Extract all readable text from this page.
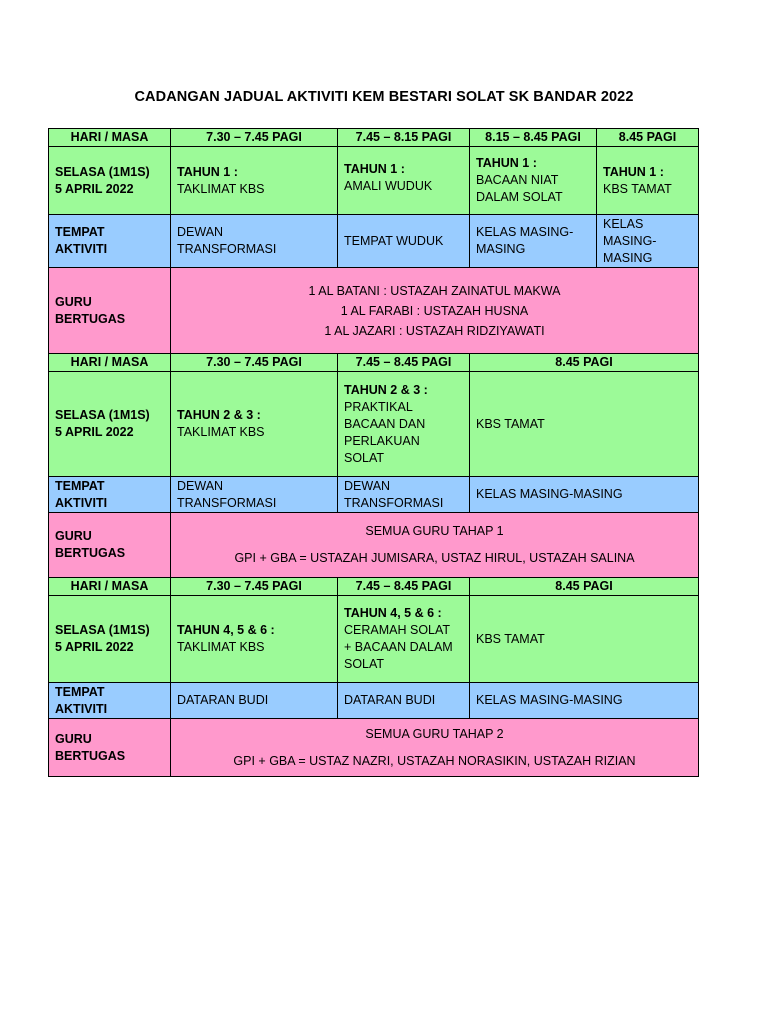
CADANGAN JADUAL AKTIVITI KEM BESTARI SOLAT SK BANDAR 2022
HARI / MASA	7.30 – 7.45 PAGI	7.45 – 8.15 PAGI	8.15 – 8.45 PAGI	8.45 PAGI

SELASA (1M1S)
5 APRIL 2022	TAHUN 1 :
TAKLIMAT KBS	TAHUN 1 :
AMALI WUDUK	TAHUN 1 :
BACAAN NIAT
DALAM SOLAT	TAHUN 1 :
KBS TAMAT

TEMPAT
AKTIVITI	DEWAN
TRANSFORMASI	TEMPAT WUDUK	KELAS MASING-
MASING	KELAS
MASING-
MASING

GURU
BERTUGAS	1 AL BATANI : USTAZAH ZAINATUL MAKWA
1 AL FARABI : USTAZAH HUSNA
1 AL JAZARI : USTAZAH RIDZIYAWATI			

HARI / MASA	7.30 – 7.45 PAGI	7.45 – 8.45 PAGI	8.45 PAGI	

SELASA (1M1S)
5 APRIL 2022	TAHUN 2 & 3 :
TAKLIMAT KBS	TAHUN 2 & 3 :
PRAKTIKAL
BACAAN DAN
PERLAKUAN
SOLAT	KBS TAMAT	

TEMPAT
AKTIVITI	DEWAN
TRANSFORMASI	DEWAN
TRANSFORMASI	KELAS MASING-MASING	

GURU
BERTUGAS	SEMUA GURU TAHAP 1
GPI + GBA = USTAZAH JUMISARA, USTAZ HIRUL, USTAZAH SALINA			

HARI / MASA	7.30 – 7.45 PAGI	7.45 – 8.45 PAGI	8.45 PAGI	

SELASA (1M1S)
5 APRIL 2022	TAHUN 4, 5 & 6 :
TAKLIMAT KBS	TAHUN 4, 5 & 6 :
CERAMAH SOLAT
+ BACAAN DALAM
SOLAT	KBS TAMAT	

TEMPAT
AKTIVITI	DATARAN BUDI	DATARAN BUDI	KELAS MASING-MASING	

GURU
BERTUGAS	SEMUA GURU TAHAP 2
GPI + GBA = USTAZ NAZRI, USTAZAH NORASIKIN, USTAZAH RIZIAN			
